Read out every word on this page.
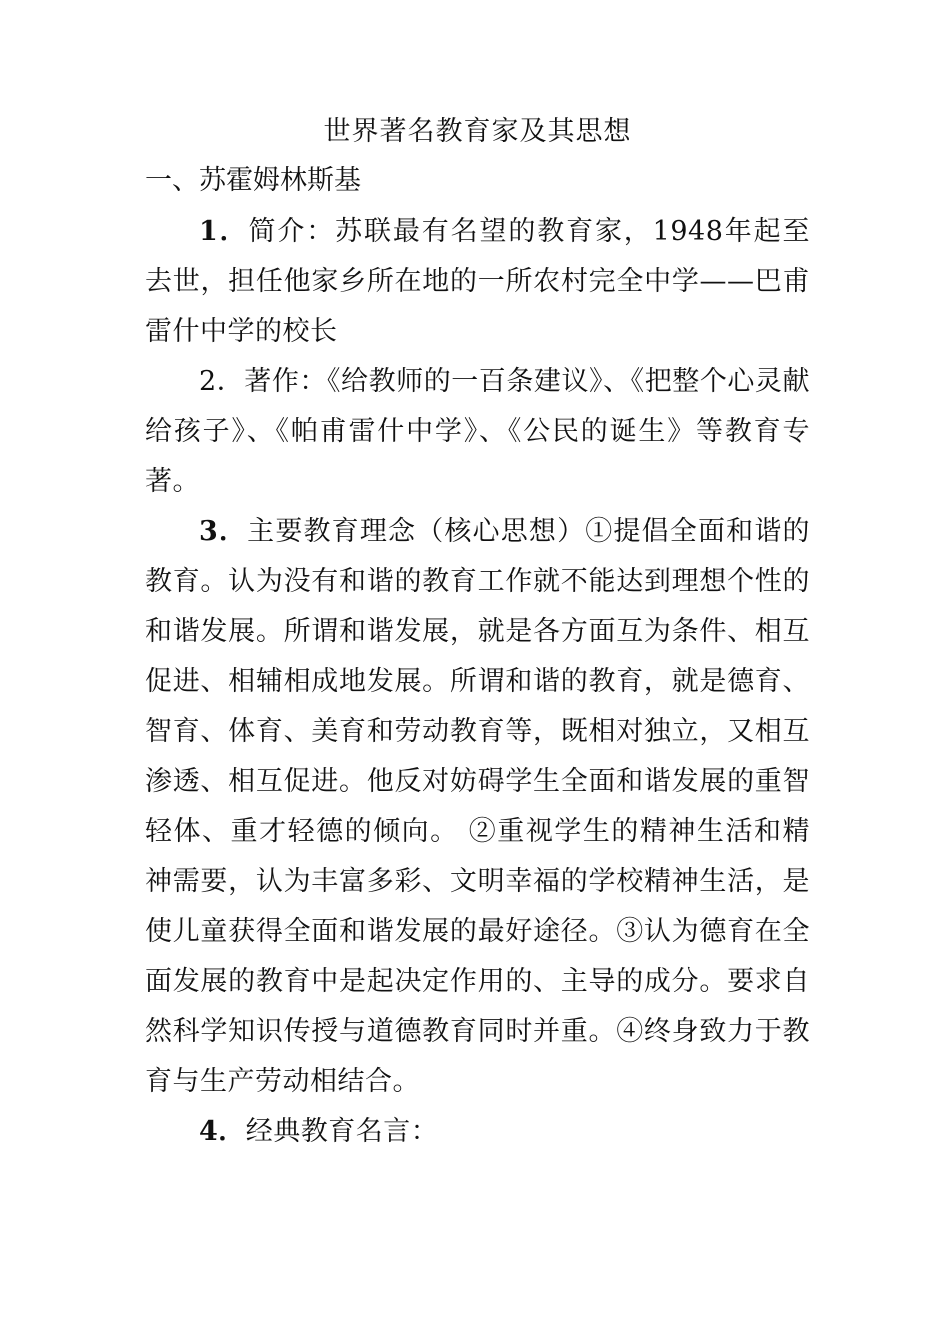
世界著名教育家及其思想
一、苏霍姆林斯基

1．简介：苏联最有名望的教育家，1948年起至去世，担任他家乡所在地的一所农村完全中学——巴甫雷什中学的校长

2．著作：《给教师的一百条建议》、《把整个心灵献给孩子》、《帕甫雷什中学》、《公民的诞生》等教育专著。

3．主要教育理念（核心思想）①提倡全面和谐的教育。认为没有和谐的教育工作就不能达到理想个性的和谐发展。所谓和谐发展，就是各方面互为条件、相互促进、相辅相成地发展。所谓和谐的教育，就是德育、智育、体育、美育和劳动教育等，既相对独立，又相互渗透、相互促进。他反对妨碍学生全面和谐发展的重智轻体、重才轻德的倾向。 ②重视学生的精神生活和精神需要，认为丰富多彩、文明幸福的学校精神生活，是使儿童获得全面和谐发展的最好途径。③认为德育在全面发展的教育中是起决定作用的、主导的成分。要求自然科学知识传授与道德教育同时并重。④终身致力于教育与生产劳动相结合。

4．经典教育名言：
